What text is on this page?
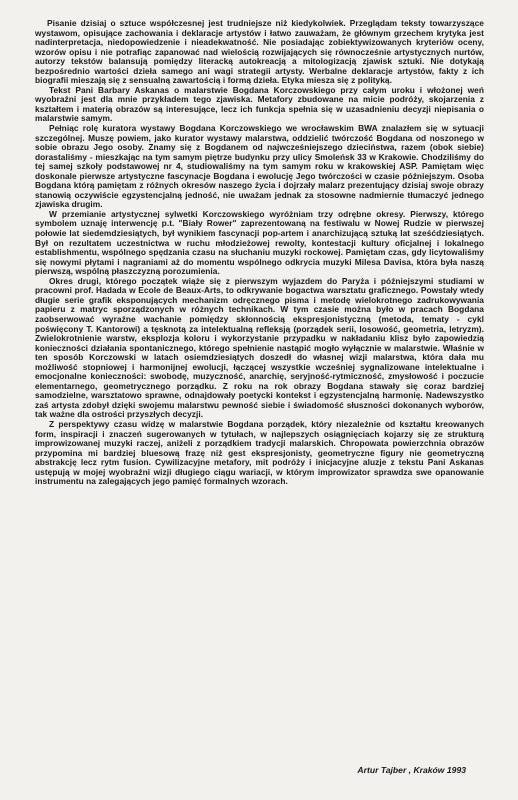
Pisanie dzisiaj o sztuce współczesnej jest trudniejsze niż kiedykolwiek. Przeglądam teksty towarzyszące wystawom, opisujące zachowania i deklaracje artystów i łatwo zauważam, że głównym grzechem krytyka jest nadinterpretacja, niedopowiedzenie i nieadekwatność. Nie posiadając zobiektywizowanych kryteriów oceny, wzorów opisu i nie potrafiąc zapanować nad wielością rozwijających się równocześnie artystycznych nurtów, autorzy tekstów balansują pomiędzy literacką autokreacją a mitologizacją zjawisk sztuki. Nie dotykają bezpośrednio wartości dzieła samego ani wagi strategii artysty. Werbalne deklaracje artystów, fakty z ich biografii mieszają się z sensualną zawartością i formą dzieła. Etyka miesza się z polityką.

Tekst Pani Barbary Askanas o malarstwie Bogdana Korczowskiego przy całym uroku i włożonej weń wyobraźni jest dla mnie przykładem tego zjawiska. Metafory zbudowane na micie podróży, skojarzenia z kształtem i materią obrazów są interesujące, lecz ich funkcja spełnia się w uzasadnieniu decyzji niepisania o malarstwie samym.

Pełniąc rolę kuratora wystawy Bogdana Korczowskiego we wrocławskim BWA znalazłem się w sytuacji szczególnej. Muszę powiem, jako kurator wystawy malarstwa, oddzielić twórczość Bogdana od noszonego w sobie obrazu Jego osoby. Znamy się z Bogdanem od najwcześniejszego dzieciństwa, razem (obok siebie) dorastaliśmy - mieszkając na tym samym piętrze budynku przy ulicy Smoleńsk 33 w Krakowie. Chodziliśmy do tej samej szkoły podstawowej nr 4, studiowaliśmy na tym samym roku w krakowskiej ASP. Pamiętam więc doskonale pierwsze artystyczne fascynacje Bogdana i ewolucję Jego twórczości w czasie późniejszym. Osoba Bogdana którą pamiętam z różnych okresów naszego życia i dojrzały malarz prezentujący dzisiaj swoje obrazy stanowią oczywiście egzystencjalną jedność, nie uważam jednak za stosowne nadmiernie tłumaczyć jednego zjawiska drugim.

W przemianie artystycznej sylwetki Korczowskiego wyróżniam trzy odrębne okresy. Pierwszy, którego symbolem uznaję interwencję p.t. "Biały Rower" zaprezentowaną na festiwalu w Nowej Rudzie w pierwszej połowie lat siedemdziesiątych, był wynikiem fascynacji pop-artem i anarchizującą sztuką lat sześćdziesiątych. Był on rezultatem uczestnictwa w ruchu młodzieżowej rewolty, kontestacji kultury oficjalnej i lokalnego establishmentu, wspólnego spędzania czasu na słuchaniu muzyki rockowej. Pamiętam czas, gdy licytowaliśmy się nowymi płytami i nagraniami aż do momentu wspólnego odkrycia muzyki Milesa Davisa, która była naszą pierwszą, wspólną płaszczyzną porozumienia.

Okres drugi, którego początek wiąże się z pierwszym wyjazdem do Paryża i późniejszymi studiami w pracowni prof. Hadada w Ecole de Beaux-Arts, to odkrywanie bogactwa warsztatu graficznego. Powstały wtedy długie serie grafik eksponujących mechanizm odręcznego pisma i metodę wielokrotnego zadrukowywania papieru z matryc sporządzonych w różnych technikach. W tym czasie można było w pracach Bogdana zaobserwować wyraźne wachanie pomiędzy skłonnością ekspresjonistyczną (metoda, tematy - cykl poświęcony T. Kantorowi) a tęsknotą za intelektualną refleksją (porządek serii, losowość, geometria, letryzm). Zwielokrotnienie warstw, eksplozja koloru i wykorzystanie przypadku w nakładaniu klisz było zapowiedzią konieczności działania spontanicznego, którego spełnienie nastąpić mogło wyłącznie w malarstwie. Właśnie w ten sposób Korczowski w latach osiemdziesiątych doszedł do własnej wizji malarstwa, która dała mu możliwość stopniowej i harmonijnej ewolucji, łączącej wszystkie wcześniej sygnalizowane intelektualne i emocjonalne konieczności: swobodę, muzyczność, anarchię, seryjność-rytmiczność, zmysłowość i poczucie elementarnego, geometrycznego porządku. Z roku na rok obrazy Bogdana stawały się coraz bardziej samodzielne, warsztatowo sprawne, odnajdowały poetycki kontekst i egzystencjalną harmonię. Nadewszystko zaś artysta zdobył dzięki swojemu malarstwu pewność siebie i świadomość słuszności dokonanych wyborów, tak ważne dla ostrości przyszłych decyzji.

Z perspektywy czasu widzę w malarstwie Bogdana porządek, który niezależnie od kształtu kreowanych form, inspiracji i znaczeń sugerowanych w tytułach, w najlepszych osiągnięciach kojarzy się ze strukturą improwizowanej muzyki raczej, aniżeli z porządkiem tradycji malarskich. Chropowata powierzchnia obrazów przypomina mi bardziej bluesową frazę niż gest ekspresjonisty, geometryczne figury nie geometryczną abstrakcję lecz rytm fusion. Cywilizacyjne metafory, mit podróży i inicjacyjne aluzje z tekstu Pani Askanas ustępują w mojej wyobraźni wizji długiego ciągu wariacji, w którym improwizator sprawdza swe opanowanie instrumentu na zalegających jego pamięć formalnych wzorach.

Artur Tajber , Kraków 1993
